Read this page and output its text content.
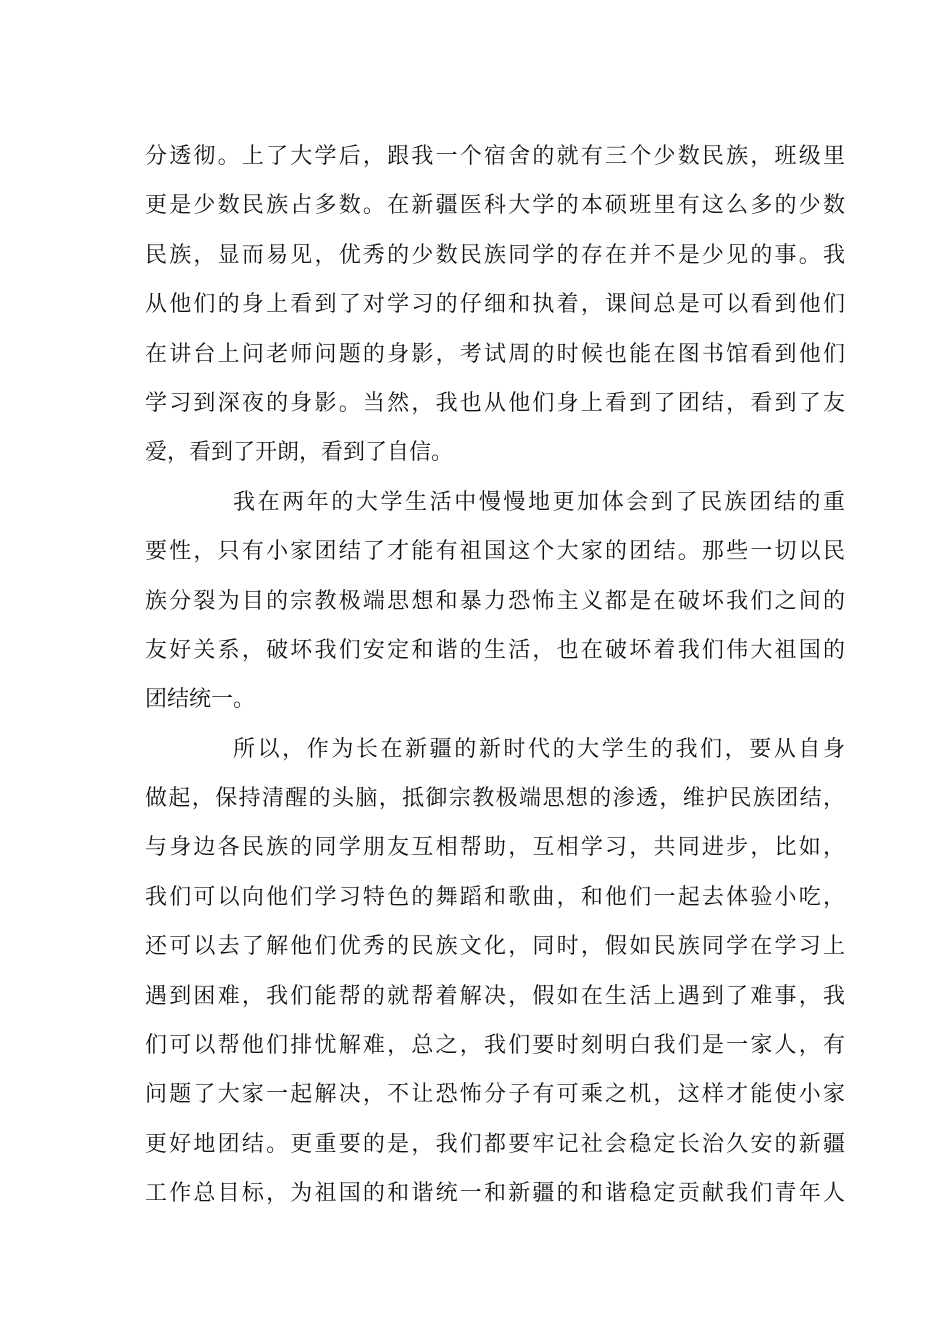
分透彻。上了大学后，跟我一个宿舍的就有三个少数民族，班级里
更是少数民族占多数。在新疆医科大学的本硕班里有这么多的少数
民族，显而易见，优秀的少数民族同学的存在并不是少见的事。我
从他们的身上看到了对学习的仔细和执着，课间总是可以看到他们
在讲台上问老师问题的身影，考试周的时候也能在图书馆看到他们
学习到深夜的身影。当然，我也从他们身上看到了团结，看到了友
爱，看到了开朗，看到了自信。
我在两年的大学生活中慢慢地更加体会到了民族团结的重
要性，只有小家团结了才能有祖国这个大家的团结。那些一切以民
族分裂为目的宗教极端思想和暴力恐怖主义都是在破坏我们之间的
友好关系，破坏我们安定和谐的生活，也在破坏着我们伟大祖国的
团结统一。
所以，作为长在新疆的新时代的大学生的我们，要从自身
做起，保持清醒的头脑，抵御宗教极端思想的渗透，维护民族团结，
与身边各民族的同学朋友互相帮助，互相学习，共同进步，比如，
我们可以向他们学习特色的舞蹈和歌曲，和他们一起去体验小吃，
还可以去了解他们优秀的民族文化，同时，假如民族同学在学习上
遇到困难，我们能帮的就帮着解决，假如在生活上遇到了难事，我
们可以帮他们排忧解难，总之，我们要时刻明白我们是一家人，有
问题了大家一起解决，不让恐怖分子有可乘之机，这样才能使小家
更好地团结。更重要的是，我们都要牢记社会稳定长治久安的新疆
工作总目标，为祖国的和谐统一和新疆的和谐稳定贡献我们青年人
